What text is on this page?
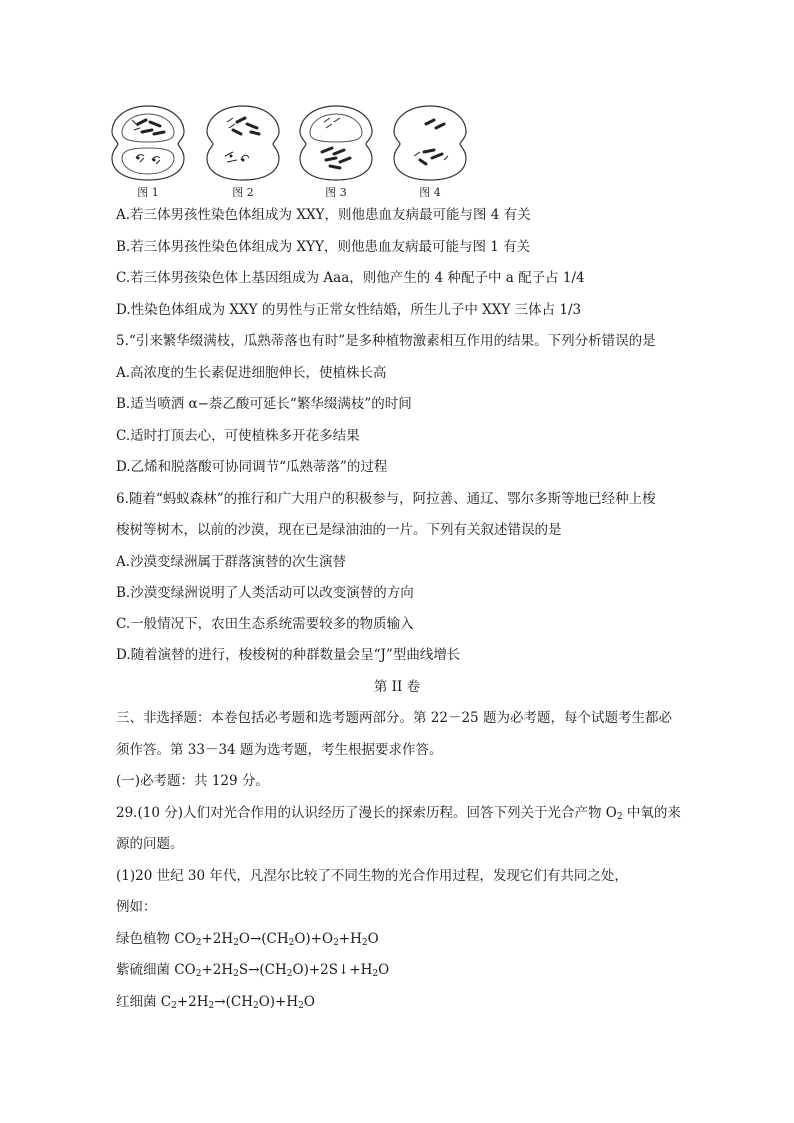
图 1	图 2	图 3	图 4
A.若三体男孩性染色体组成为 XXY，则他患血友病最可能与图 4 有关
B.若三体男孩性染色体组成为 XYY，则他患血友病最可能与图 1 有关
C.若三体男孩染色体上基因组成为 Aaa，则他产生的 4 种配子中 a 配子占 1/4
D.性染色体组成为 XXY 的男性与正常女性结婚，所生儿子中 XXY 三体占 1/3
5.“引来繁华缀满枝，瓜熟蒂落也有时”是多种植物激素相互作用的结果。下列分析错误的是
A.高浓度的生长素促进细胞伸长，使植株长高
B.适当喷洒 α−萘乙酸可延长“繁华缀满枝”的时间
C.适时打顶去心，可使植株多开花多结果
D.乙烯和脱落酸可协同调节“瓜熟蒂落”的过程
6.随着“蚂蚁森林”的推行和广大用户的积极参与，阿拉善、通辽、鄂尔多斯等地已经种上梭
梭树等树木，以前的沙漠，现在已是绿油油的一片。下列有关叙述错误的是
A.沙漠变绿洲属于群落演替的次生演替
B.沙漠变绿洲说明了人类活动可以改变演替的方向
C.一般情况下，农田生态系统需要较多的物质输入
D.随着演替的进行，梭梭树的种群数量会呈“J”型曲线增长
第 II 卷
三、非选择题：本卷包括必考题和选考题两部分。第 22－25 题为必考题，每个试题考生都必
须作答。第 33－34 题为选考题，考生根据要求作答。
(一)必考题：共 129 分。
29.(10 分)人们对光合作用的认识经历了漫长的探索历程。回答下列关于光合产物 $O_2$ 中氧的来
源的问题。
(1)20 世纪 30 年代，凡涅尔比较了不同生物的光合作用过程，发现它们有共同之处，
例如：
绿色植物 $CO_2+2H_2O\to(CH_2O)+O_2+H_2O$
紫硫细菌 $CO_2+2H_2S\to(CH_2O)+2S↓+H_2O$
红细菌 $C_2+2H_2\to(CH_2O)+H_2O$
